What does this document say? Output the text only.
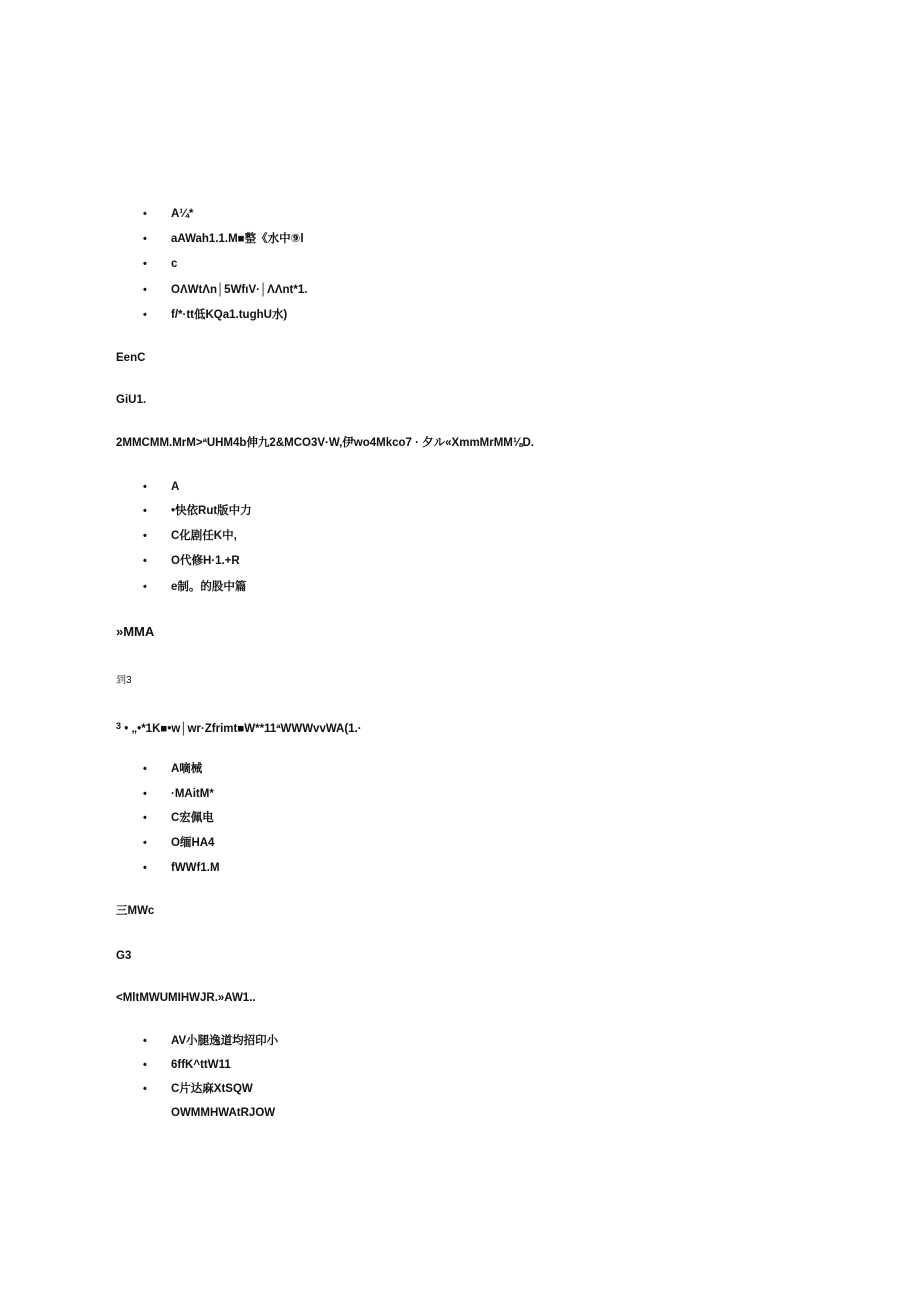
• A¼*
• aAWah1.1.M■整《水中⑨l
• c
• OΛWtΛn│5WfιV·│ΛΛnt*1.
• f/*·tt低KQa1.tughU水)
EenC
GiU1.
2MMCMM.MrM>ªUHM4b伸九2&MCO3V·W,伊wo4Mkco7 · 夕ル«XmmMrMM⅛D.
• A
• •快依Rut版中力
• C化剧任K中,
• O代修H·1.+R
• e制。的股中篇
»MMA
到3
$^3$ • „•*1K■•w│wr·Zfrimt■W**11ªWWWvvWA(1.·
• A嘀械
• ·MAitM*
• C宏佩电
• O缅HA4
• fWWf1.M
三MWc
G3
<MltMWUMIHWJR.»AW1..
• AV小腿逸道均招印小
• 6ffK^ttW11
• C片达麻XtSQW
OWMMHWAtRJOW
